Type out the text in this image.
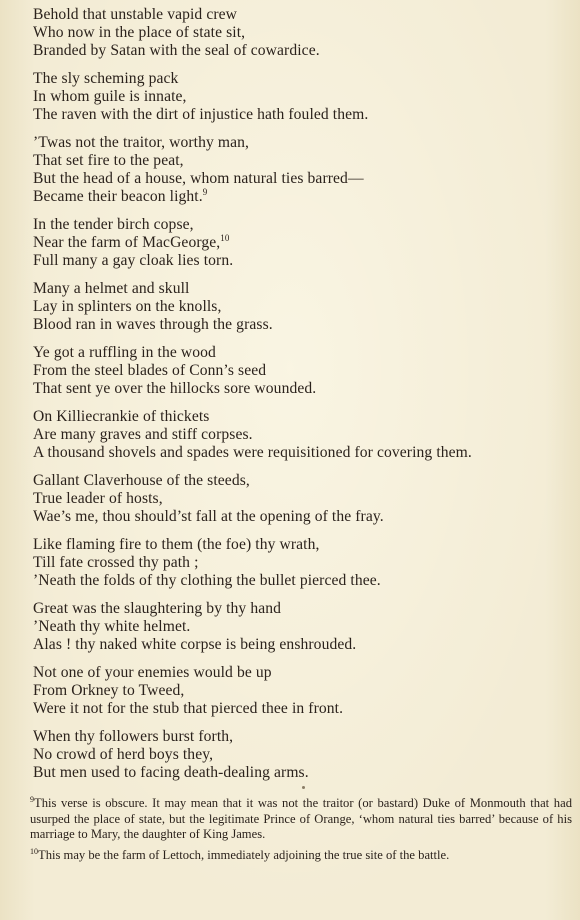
Behold that unstable vapid crew
Who now in the place of state sit,
Branded by Satan with the seal of cowardice.
The sly scheming pack
In whom guile is innate,
The raven with the dirt of injustice hath fouled them.
’Twas not the traitor, worthy man,
That set fire to the peat,
But the head of a house, whom natural ties barred—
Became their beacon light.$^9$
In the tender birch copse,
Near the farm of MacGeorge,$^{10}$
Full many a gay cloak lies torn.
Many a helmet and skull
Lay in splinters on the knolls,
Blood ran in waves through the grass.
Ye got a ruffling in the wood
From the steel blades of Conn’s seed
That sent ye over the hillocks sore wounded.
On Killiecrankie of thickets
Are many graves and stiff corpses.
A thousand shovels and spades were requisitioned for covering them.
Gallant Claverhouse of the steeds,
True leader of hosts,
Wae’s me, thou should’st fall at the opening of the fray.
Like flaming fire to them (the foe) thy wrath,
Till fate crossed thy path ;
’Neath the folds of thy clothing the bullet pierced thee.
Great was the slaughtering by thy hand
’Neath thy white helmet.
Alas ! thy naked white corpse is being enshrouded.
Not one of your enemies would be up
From Orkney to Tweed,
Were it not for the stub that pierced thee in front.
When thy followers burst forth,
No crowd of herd boys they,
But men used to facing death-dealing arms.

$^9$This verse is obscure. It may mean that it was not the traitor (or bastard) Duke of Monmouth that had usurped the place of state, but the legitimate Prince of Orange, ‘whom natural ties barred’ because of his marriage to Mary, the daughter of King James.

$^{10}$This may be the farm of Lettoch, immediately adjoining the true site of the battle.
